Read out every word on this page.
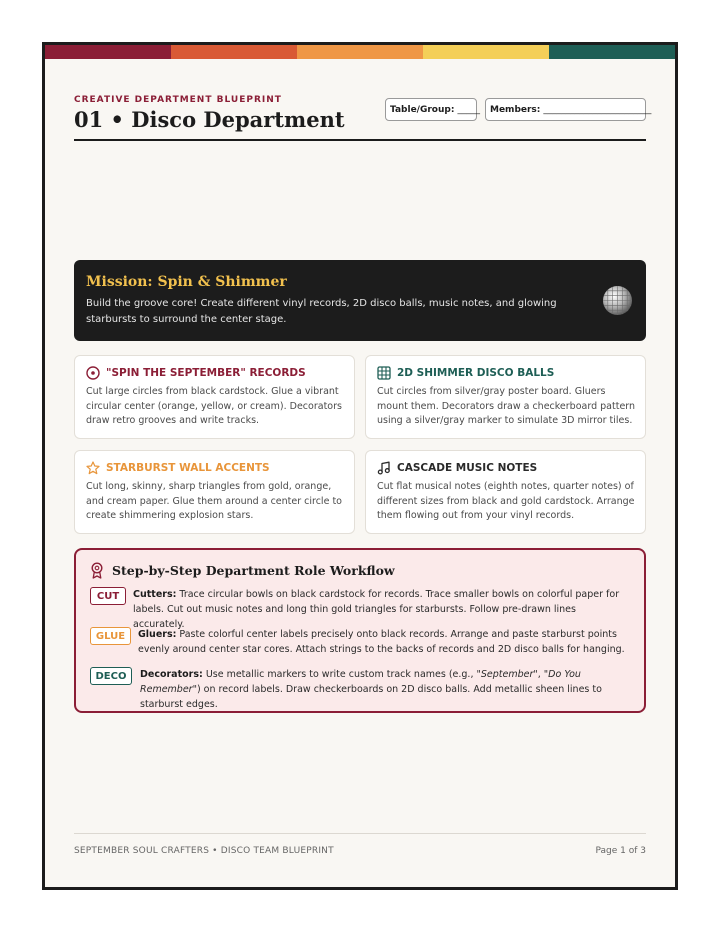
CREATIVE DEPARTMENT BLUEPRINT
01 • Disco Department	Table/Group: _____ Members: ________________________
Mission: Spin & Shimmer
Build the groove core! Create different vinyl records, 2D disco balls, music notes, and glowing starbursts to surround the center stage.
"SPIN THE SEPTEMBER" RECORDS
Cut large circles from black cardstock. Glue a vibrant circular center (orange, yellow, or cream). Decorators draw retro grooves and write tracks.
2D SHIMMER DISCO BALLS
Cut circles from silver/gray poster board. Gluers mount them. Decorators draw a checkerboard pattern using a silver/gray marker to simulate 3D mirror tiles.
STARBURST WALL ACCENTS
Cut long, skinny, sharp triangles from gold, orange, and cream paper. Glue them around a center circle to create shimmering explosion stars.
CASCADE MUSIC NOTES
Cut flat musical notes (eighth notes, quarter notes) of different sizes from black and gold cardstock. Arrange them flowing out from your vinyl records.
Step-by-Step Department Role Workflow
CUT	Cutters: Trace circular bowls on black cardstock for records. Trace smaller bowls on colorful paper for labels. Cut out music notes and long thin gold triangles for starbursts. Follow pre-drawn lines accurately.
GLUE	Gluers: Paste colorful center labels precisely onto black records. Arrange and paste starburst points evenly around center star cores. Attach strings to the backs of records and 2D disco balls for hanging.
DECO	Decorators: Use metallic markers to write custom track names (e.g., "September", "Do You Remember") on record labels. Draw checkerboards on 2D disco balls. Add metallic sheen lines to starburst edges.
SEPTEMBER SOUL CRAFTERS • DISCO TEAM BLUEPRINT	Page 1 of 3
